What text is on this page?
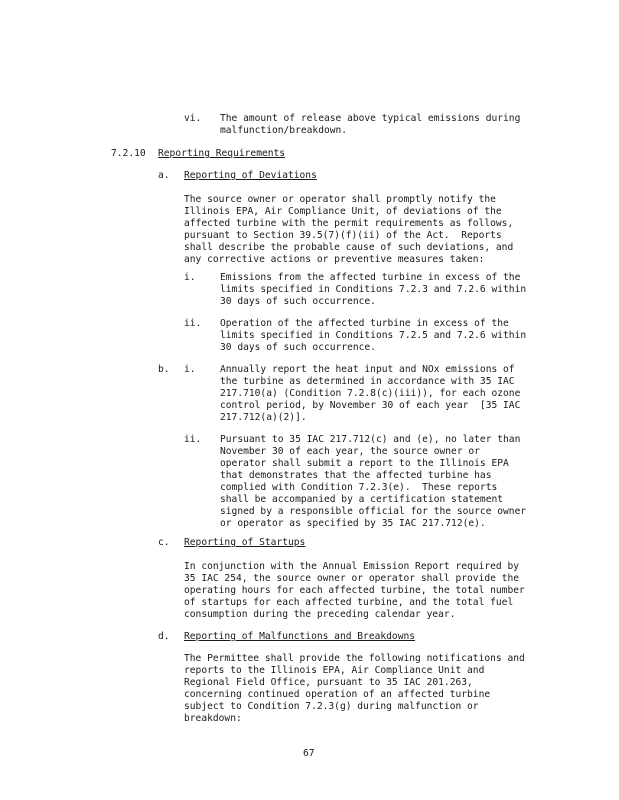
vi. The amount of release above typical emissions during
malfunction/breakdown.
7.2.10 Reporting Requirements
a. Reporting of Deviations
The source owner or operator shall promptly notify the
Illinois EPA, Air Compliance Unit, of deviations of the
affected turbine with the permit requirements as follows,
pursuant to Section 39.5(7)(f)(ii) of the Act.  Reports
shall describe the probable cause of such deviations, and
any corrective actions or preventive measures taken:
i.	Emissions from the affected turbine in excess of the
limits specified in Conditions 7.2.3 and 7.2.6 within
30 days of such occurrence.
ii. Operation of the affected turbine in excess of the
limits specified in Conditions 7.2.5 and 7.2.6 within
30 days of such occurrence.
b. i.	Annually report the heat input and NOx emissions of
the turbine as determined in accordance with 35 IAC
217.710(a) (Condition 7.2.8(c)(iii)), for each ozone
control period, by November 30 of each year  [35 IAC
217.712(a)(2)].
ii. Pursuant to 35 IAC 217.712(c) and (e), no later than
November 30 of each year, the source owner or
operator shall submit a report to the Illinois EPA
that demonstrates that the affected turbine has
complied with Condition 7.2.3(e).  These reports
shall be accompanied by a certification statement
signed by a responsible official for the source owner
or operator as specified by 35 IAC 217.712(e).
c. Reporting of Startups
In conjunction with the Annual Emission Report required by
35 IAC 254, the source owner or operator shall provide the
operating hours for each affected turbine, the total number
of startups for each affected turbine, and the total fuel
consumption during the preceding calendar year.
d. Reporting of Malfunctions and Breakdowns
The Permittee shall provide the following notifications and
reports to the Illinois EPA, Air Compliance Unit and
Regional Field Office, pursuant to 35 IAC 201.263,
concerning continued operation of an affected turbine
subject to Condition 7.2.3(g) during malfunction or
breakdown:
67
